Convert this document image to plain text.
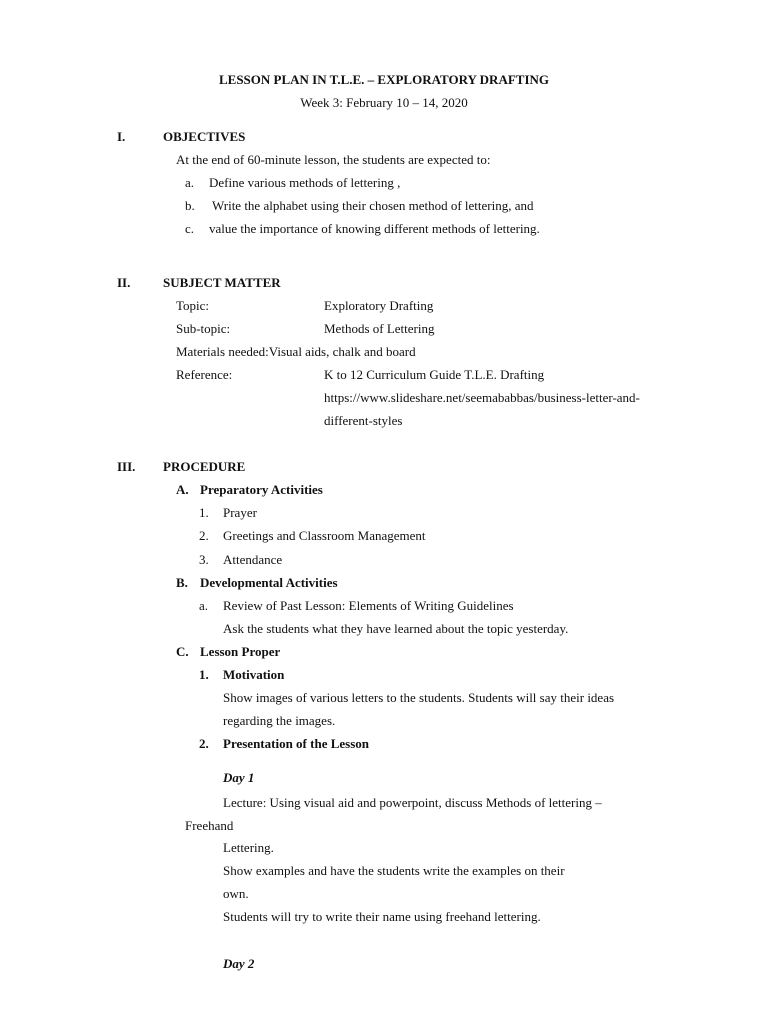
LESSON PLAN IN T.L.E. – EXPLORATORY DRAFTING
Week 3: February 10 – 14, 2020
I.	OBJECTIVES
At the end of 60-minute lesson, the students are expected to:
a. Define various methods of lettering ,
b. Write the alphabet using their chosen method of lettering, and
c. value the importance of knowing different methods of lettering.
II.	SUBJECT MATTER
Topic:	Exploratory Drafting
Sub-topic:	Methods of Lettering
Materials needed:Visual aids, chalk and board
Reference:	K to 12 Curriculum Guide T.L.E. Drafting
https://www.slideshare.net/seemababbas/business-letter-and-
different-styles
III. PROCEDURE
A. Preparatory Activities
1. Prayer
2. Greetings and Classroom Management
3. Attendance
B. Developmental Activities
a. Review of Past Lesson: Elements of Writing Guidelines
Ask the students what they have learned about the topic yesterday.
C. Lesson Proper
1. Motivation
Show images of various letters to the students. Students will say their ideas
regarding the images.
2. Presentation of the Lesson
Day 1
Lecture: Using visual aid and powerpoint, discuss Methods of lettering –
Freehand
Lettering.
Show examples and have the students write the examples on their
own.
Students will try to write their name using freehand lettering.
Day 2
